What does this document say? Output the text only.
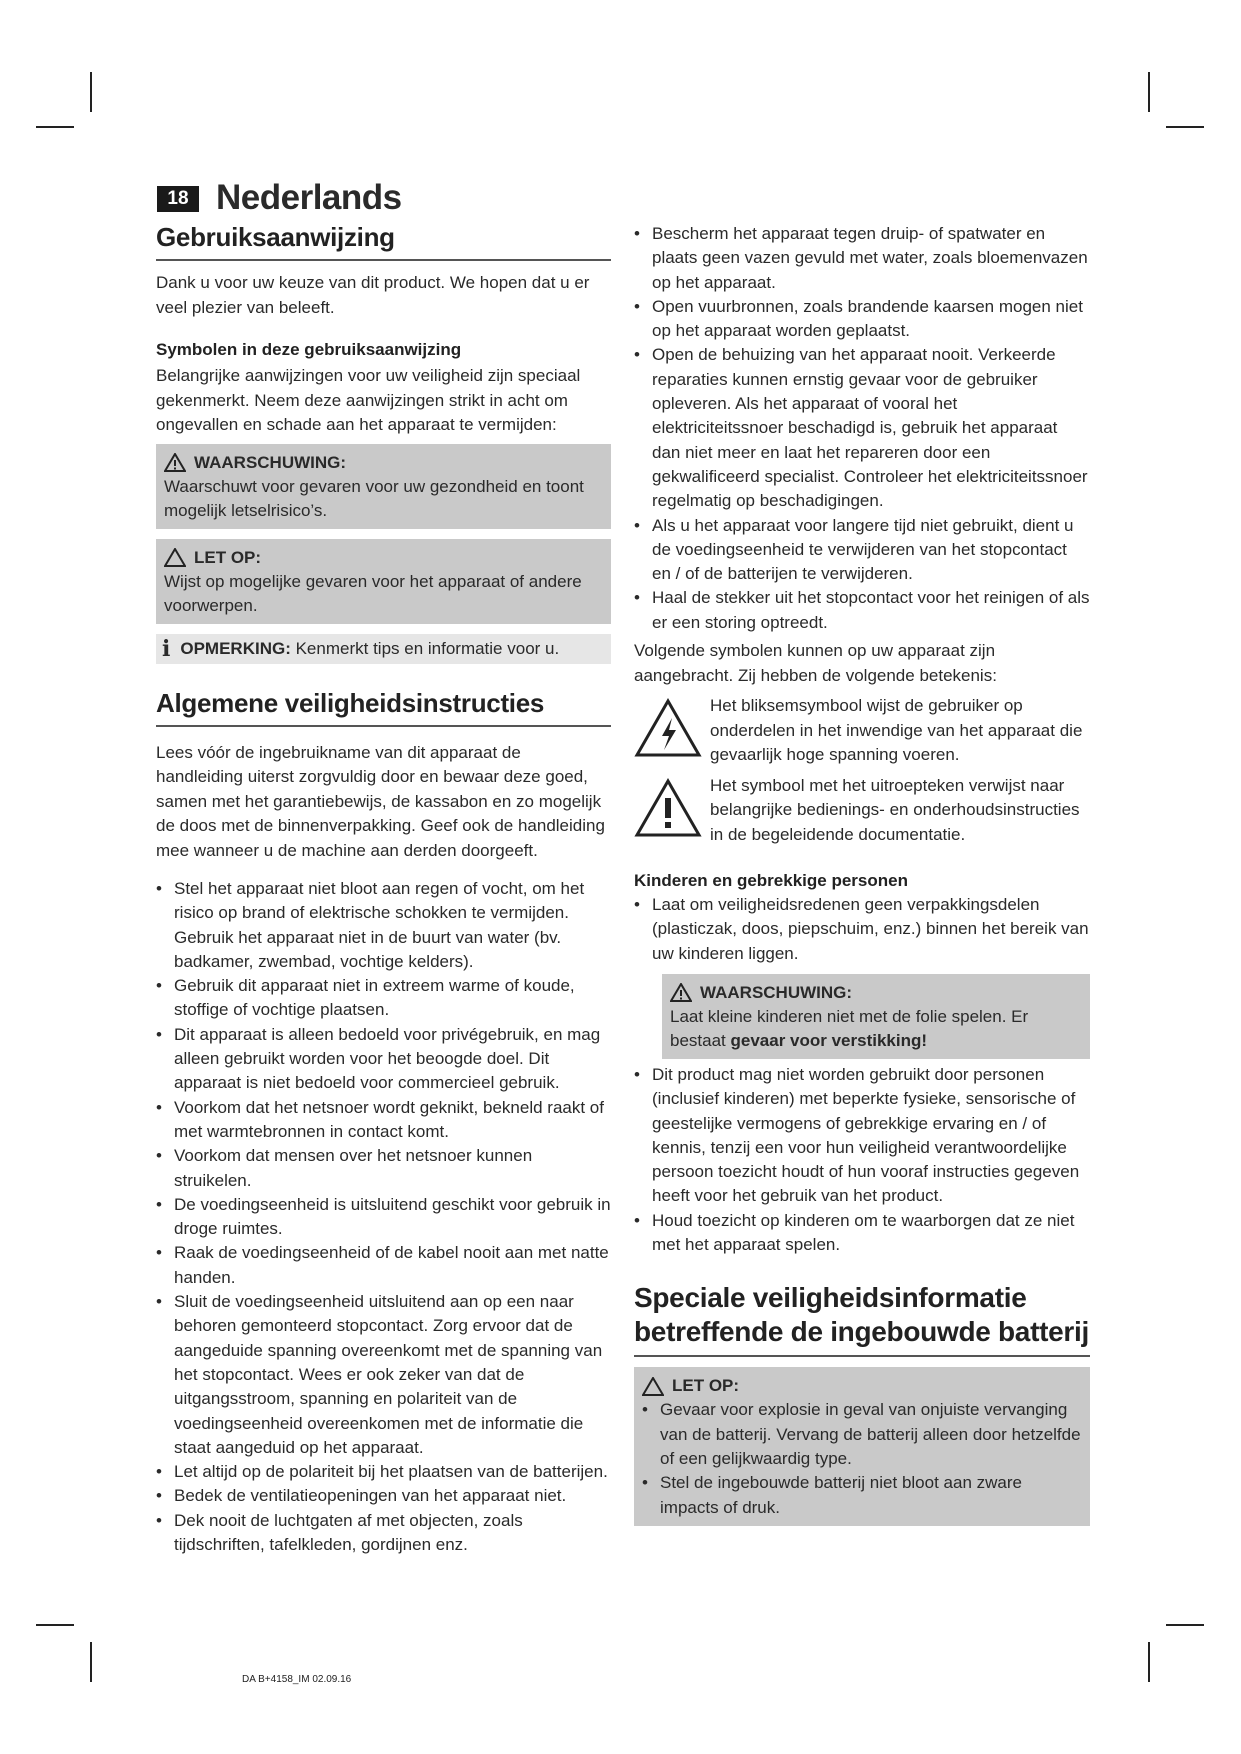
18 Nederlands
Gebruiksaanwijzing

Dank u voor uw keuze van dit product. We hopen dat u er veel plezier van beleeft.

Symbolen in deze gebruiksaanwijzing

Belangrijke aanwijzingen voor uw veiligheid zijn speciaal gekenmerkt. Neem deze aanwijzingen strikt in acht om ongevallen en schade aan het apparaat te vermijden:

WAARSCHUWING:

Waarschuwt voor gevaren voor uw gezondheid en toont mogelijk letselrisico’s.

LET OP:

Wijst op mogelijke gevaren voor het apparaat of andere voorwerpen.

i OPMERKING:
Kenmerkt tips en informatie voor u.
Algemene veiligheidsinstructies

Lees vóór de ingebruikname van dit apparaat de handleiding uiterst zorgvuldig door en bewaar deze goed, samen met het garantiebewijs, de kassabon en zo mogelijk de doos met de binnenverpakking. Geef ook de handleiding mee wanneer u de machine aan derden doorgeeft.

• Stel het apparaat niet bloot aan regen of vocht, om het risico op brand of elektrische schokken te vermijden. Gebruik het apparaat niet in de buurt van water (bv. badkamer, zwembad, vochtige kelders).
• Gebruik dit apparaat niet in extreem warme of koude, stoffige of vochtige plaatsen.
• Dit apparaat is alleen bedoeld voor privégebruik, en mag alleen gebruikt worden voor het beoogde doel. Dit apparaat is niet bedoeld voor commercieel gebruik.
• Voorkom dat het netsnoer wordt geknikt, bekneld raakt of met warmtebronnen in contact komt.
• Voorkom dat mensen over het netsnoer kunnen struikelen.
• De voedingseenheid is uitsluitend geschikt voor gebruik in droge ruimtes.
• Raak de voedingseenheid of de kabel nooit aan met natte handen.
• Sluit de voedingseenheid uitsluitend aan op een naar behoren gemonteerd stopcontact. Zorg ervoor dat de aangeduide spanning overeenkomt met de spanning van het stopcontact. Wees er ook zeker van dat de uitgangsstroom, spanning en polariteit van de voedingseenheid overeenkomen met de informatie die staat aangeduid op het apparaat.
• Let altijd op de polariteit bij het plaatsen van de batterijen.
• Bedek de ventilatieopeningen van het apparaat niet.
• Dek nooit de luchtgaten af met objecten, zoals tijdschriften, tafelkleden, gordijnen enz.
• Bescherm het apparaat tegen druip- of spatwater en plaats geen vazen gevuld met water, zoals bloemenvazen op het apparaat.
• Open vuurbronnen, zoals brandende kaarsen mogen niet op het apparaat worden geplaatst.
• Open de behuizing van het apparaat nooit. Verkeerde reparaties kunnen ernstig gevaar voor de gebruiker opleveren. Als het apparaat of vooral het elektriciteitssnoer beschadigd is, gebruik het apparaat dan niet meer en laat het repareren door een gekwalificeerd specialist. Controleer het elektriciteitssnoer regelmatig op beschadigingen.
• Als u het apparaat voor langere tijd niet gebruikt, dient u de voedingseenheid te verwijderen van het stopcontact en / of de batterijen te verwijderen.
• Haal de stekker uit het stopcontact voor het reinigen of als er een storing optreedt.

Volgende symbolen kunnen op uw apparaat zijn aangebracht. Zij hebben de volgende betekenis:

Het bliksemsymbool wijst de gebruiker op onderdelen in het inwendige van het apparaat die gevaarlijk hoge spanning voeren.

Het symbool met het uitroepteken verwijst naar belangrijke bedienings- en onderhoudsinstructies in de begeleidende documentatie.

Kinderen en gebrekkige personen
• Laat om veiligheidsredenen geen verpakkingsdelen (plasticzak, doos, piepschuim, enz.) binnen het bereik van uw kinderen liggen.
WAARSCHUWING:

Laat kleine kinderen niet met de folie spelen. Er bestaat gevaar voor verstikking!

• Dit product mag niet worden gebruikt door personen (inclusief kinderen) met beperkte fysieke, sensorische of geestelijke vermogens of gebrekkige ervaring en / of kennis, tenzij een voor hun veiligheid verantwoordelijke persoon toezicht houdt of hun vooraf instructies gegeven heeft voor het gebruik van het product.
• Houd toezicht op kinderen om te waarborgen dat ze niet met het apparaat spelen.
Speciale veiligheidsinformatie betreffende de ingebouwde batterij
LET OP:
• Gevaar voor explosie in geval van onjuiste vervanging van de batterij. Vervang de batterij alleen door hetzelfde of een gelijkwaardig type.
• Stel de ingebouwde batterij niet bloot aan zware impacts of druk.
DA B+4158_IM 02.09.16
